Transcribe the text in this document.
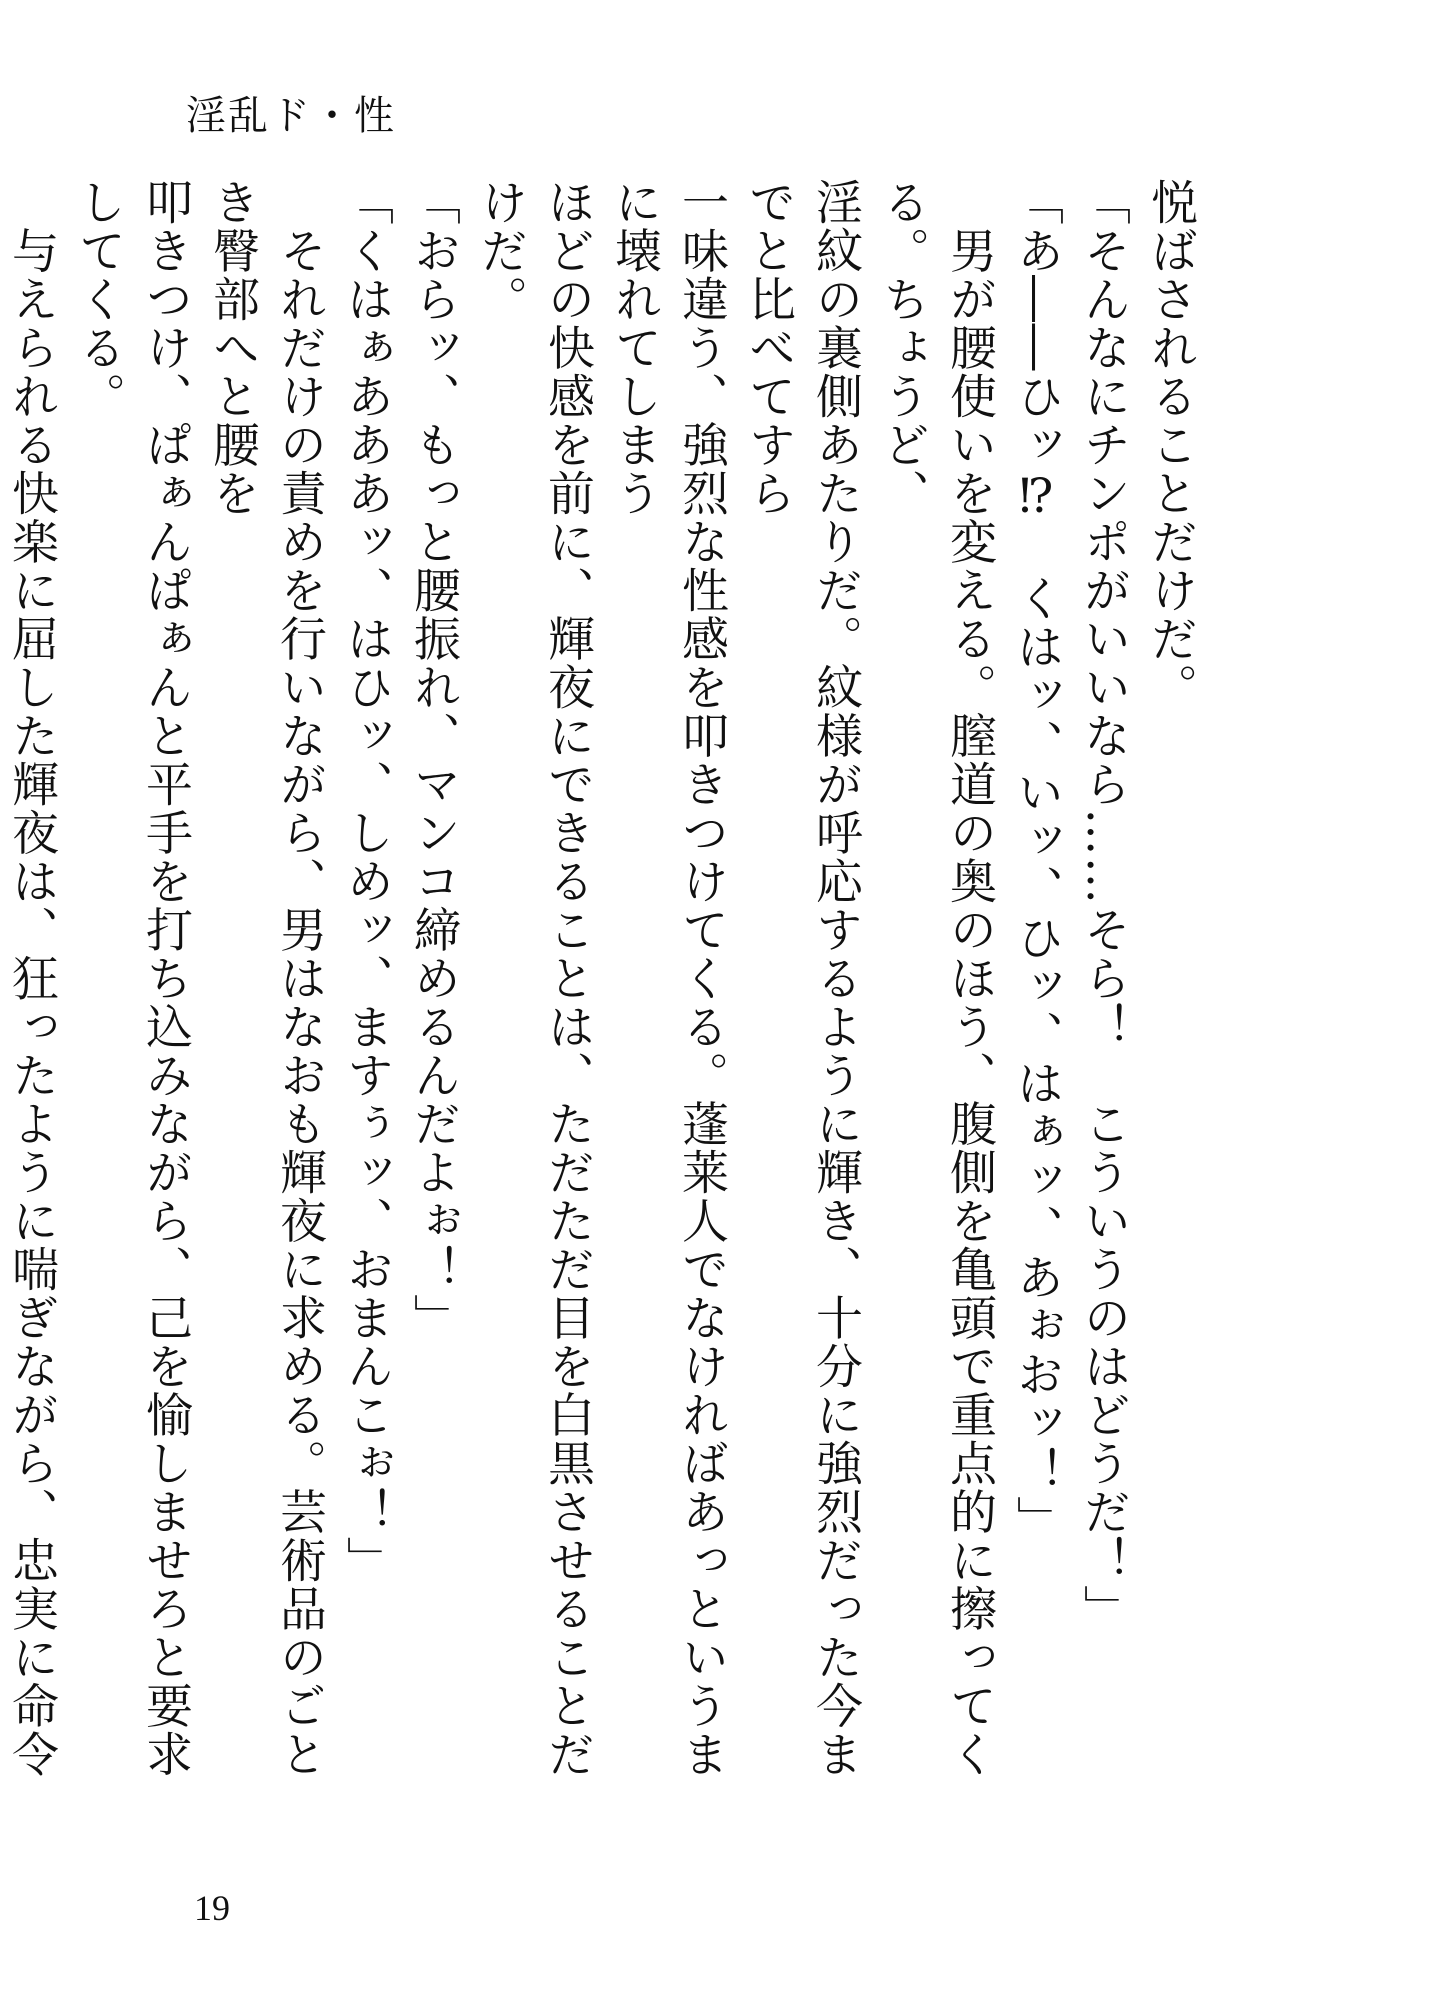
淫乱ド・性

悦ばされることだけだ。

「そんなにチンポがいいなら……そら！　こういうのはどうだ！」

「あ――ひッ⁉　くはッ、いッ、ひッ、はぁッ、あぉおッ！」

　男が腰使いを変える。膣道の奥のほう、腹側を亀頭で重点的に擦ってくる。ちょうど、

淫紋の裏側あたりだ。紋様が呼応するように輝き、十分に強烈だった今までと比べてすら

一味違う、強烈な性感を叩きつけてくる。蓬莱人でなければあっというまに壊れてしまう

ほどの快感を前に、輝夜にできることは、ただただ目を白黒させることだけだ。

「おらッ、もっと腰振れ、マンコ締めるんだよぉ！」

「くはぁあああッ、はひッ、しめッ、ますぅッ、おまんこぉ！」

　それだけの責めを行いながら、男はなおも輝夜に求める。芸術品のごとき臀部へと腰を

叩きつけ、ぱぁんぱぁんと平手を打ち込みながら、己を愉しませろと要求してくる。

　与えられる快楽に屈した輝夜は、狂ったように喘ぎながら、忠実に命令

19
